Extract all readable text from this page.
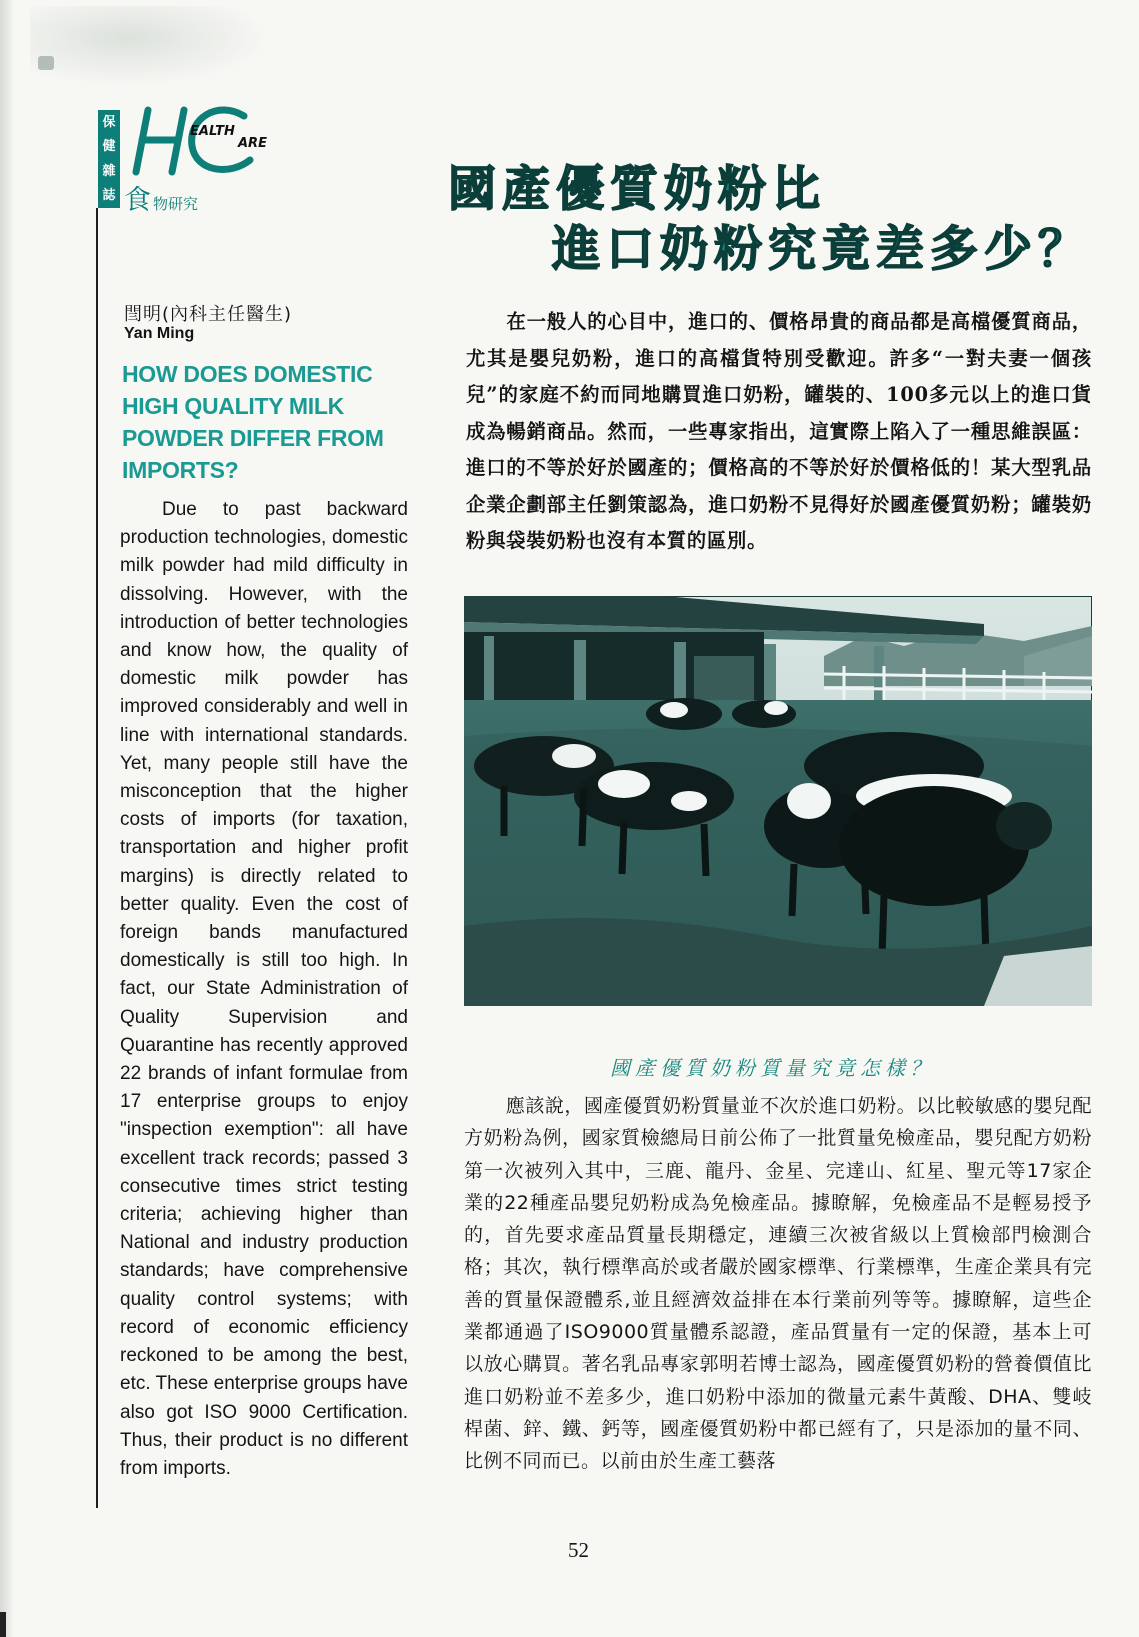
保
健
雜
誌
EALTH
ARE
食 物研究	國產優質奶粉比
進口奶粉究竟差多少？
閆明(內科主任醫生)
Yan Ming
HOW DOES DOMESTIC HIGH QUALITY MILK POWDER DIFFER FROM IMPORTS?

Due to past backward production technologies, domestic milk powder had mild difficulty in dissolving. However, with the introduction of better technologies and know how, the quality of domestic milk powder has improved considerably and well in line with international standards. Yet, many people still have the misconception that the higher costs of imports (for taxation, transportation and higher profit margins) is directly related to better quality. Even the cost of foreign bands manufactured domestically is still too high. In fact, our State Administration of Quality Supervision and Quarantine has recently approved 22 brands of infant formulae from 17 enterprise groups to enjoy "inspection exemption": all have excellent track records; passed 3 consecutive times strict testing criteria; achieving higher than National and industry production standards; have comprehensive quality control systems; with record of economic efficiency reckoned to be among the best, etc. These enterprise groups have also got ISO 9000 Certification. Thus, their product is no different from imports.

在一般人的心目中，進口的、價格昂貴的商品都是高檔優質商品，尤其是嬰兒奶粉，進口的高檔貨特別受歡迎。許多“一對夫妻一個孩兒”的家庭不約而同地購買進口奶粉，罐裝的、100多元以上的進口貨成為暢銷商品。然而，一些專家指出，這實際上陷入了一種思維誤區：進口的不等於好於國產的；價格高的不等於好於價格低的！某大型乳品企業企劃部主任劉策認為，進口奶粉不見得好於國產優質奶粉；罐裝奶粉與袋裝奶粉也沒有本質的區別。

國產優質奶粉質量究竟怎樣？

應該說，國產優質奶粉質量並不次於進口奶粉。以比較敏感的嬰兒配方奶粉為例，國家質檢總局日前公佈了一批質量免檢產品，嬰兒配方奶粉第一次被列入其中，三鹿、龍丹、金星、完達山、紅星、聖元等17家企業的22種產品嬰兒奶粉成為免檢產品。據瞭解，免檢產品不是輕易授予的，首先要求產品質量長期穩定，連續三次被省級以上質檢部門檢測合格；其次，執行標準高於或者嚴於國家標準、行業標準，生產企業具有完善的質量保證體系,並且經濟效益排在本行業前列等等。據瞭解，這些企業都通過了ISO9000質量體系認證，產品質量有一定的保證，基本上可以放心購買。著名乳品專家郭明若博士認為，國產優質奶粉的營養價值比進口奶粉並不差多少，進口奶粉中添加的微量元素牛黃酸、DHA、雙岐桿菌、鋅、鐵、鈣等，國產優質奶粉中都已經有了，只是添加的量不同、比例不同而已。以前由於生產工藝落

52
